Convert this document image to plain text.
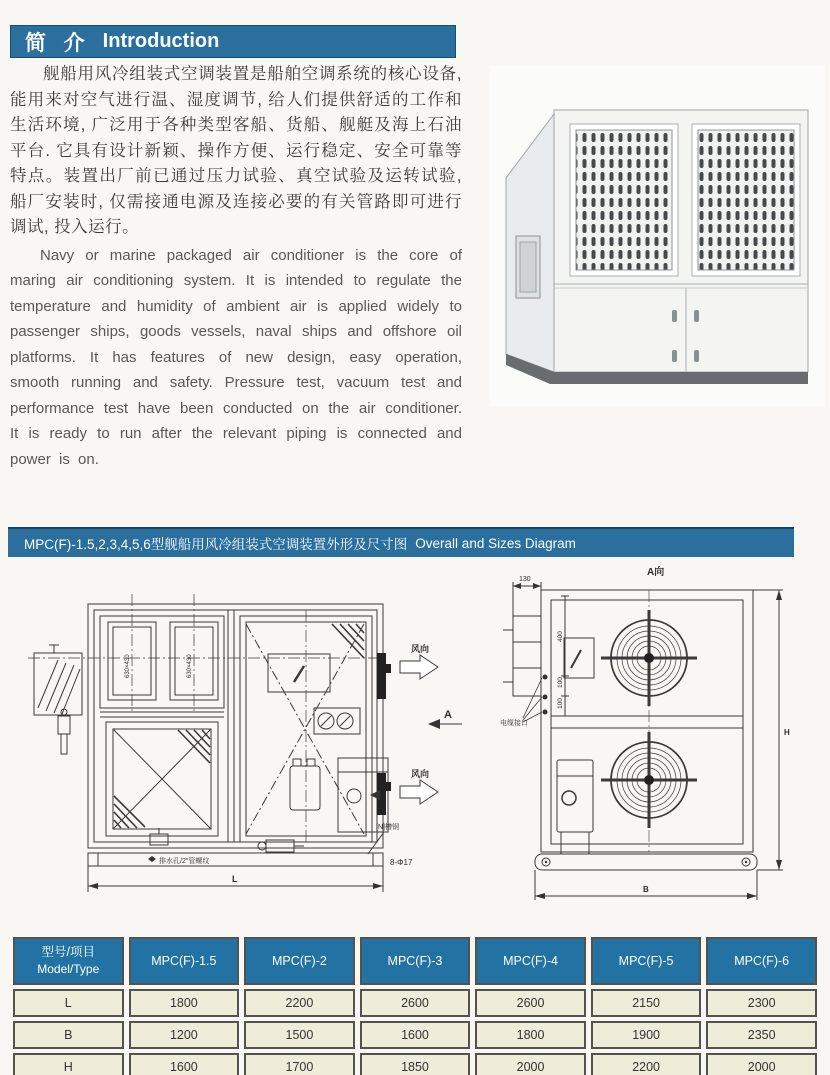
简  介 Introduction

舰船用风冷组装式空调装置是船舶空调系统的核心设备, 能用来对空气进行温、湿度调节, 给人们提供舒适的工作和生活环境, 广泛用于各种类型客船、货船、舰艇及海上石油平台. 它具有设计新颖、操作方便、运行稳定、安全可靠等特点。装置出厂前已通过压力试验、真空试验及运转试验, 船厂安装时, 仅需接通电源及连接必要的有关管路即可进行调试, 投入运行。

Navy or marine packaged air conditioner is the core of maring air conditioning system. It is intended to regulate the temperature and humidity of ambient air is applied widely to passenger ships, goods vessels, naval ships and offshore oil platforms. It has features of new design, easy operation, smooth running and safety. Pressure test, vacuum test and performance test have been conducted on the air conditioner. It is ready to run after the relevant piping is connected and power is on.

MPC(F)-1.5,2,3,4,5,6型舰船用风冷组装式空调装置外形及尺寸图 Overall and Sizes Diagram
风向
风向
A
630×430	630×430
排水孔/2″管螺纹
[N]槽钢
8-Φ17
L
A向
130
400
100
100
电缆接口
H
B
型号/项目
Model/Type	MPC(F)-1.5	MPC(F)-2	MPC(F)-3	MPC(F)-4	MPC(F)-5	MPC(F)-6
L	1800	2200	2600	2600	2150	2300
B	1200	1500	1600	1800	1900	2350
H	1600	1700	1850	2000	2200	2000
